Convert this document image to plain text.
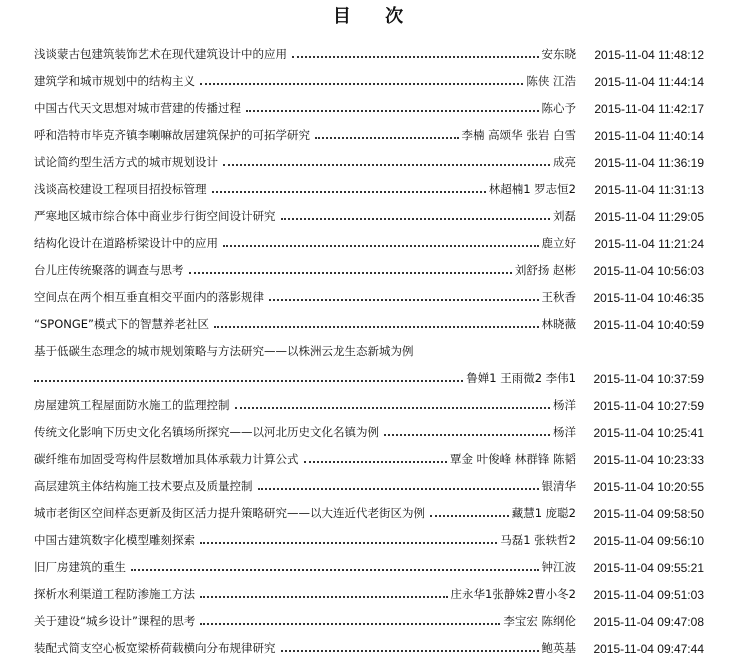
目 次
浅谈蒙古包建筑装饰艺术在现代建筑设计中的应用	安东晓	2015-11-04 11:48:12
建筑学和城市规划中的结构主义	陈侠 江浩	2015-11-04 11:44:14
中国古代天文思想对城市营建的传播过程	陈心予	2015-11-04 11:42:17
呼和浩特市毕克齐镇李喇嘛故居建筑保护的可拓学研究	李楠 高颂华 张岩 白雪	2015-11-04 11:40:14
试论简约型生活方式的城市规划设计	成亮	2015-11-04 11:36:19
浅谈高校建设工程项目招投标管理	林超楠1 罗志恒2	2015-11-04 11:31:13
严寒地区城市综合体中商业步行街空间设计研究	刘磊	2015-11-04 11:29:05
结构化设计在道路桥梁设计中的应用	鹿立好	2015-11-04 11:21:24
台儿庄传统聚落的调查与思考	刘舒扬 赵彬	2015-11-04 10:56:03
空间点在两个相互垂直相交平面内的落影规律	王秋香	2015-11-04 10:46:35
“SPONGE”模式下的智慧养老社区	林晓薇	2015-11-04 10:40:59
基于低碳生态理念的城市规划策略与方法研究——以株洲云龙生态新城为例
鲁婵1 王雨微2 李伟1	2015-11-04 10:37:59
房屋建筑工程屋面防水施工的监理控制	杨洋	2015-11-04 10:27:59
传统文化影响下历史文化名镇场所探究——以河北历史文化名镇为例	杨洋	2015-11-04 10:25:41
碳纤维布加固受弯构件层数增加具体承载力计算公式	覃金 叶俊峰 林群锋 陈韬	2015-11-04 10:23:33
高层建筑主体结构施工技术要点及质量控制	银清华	2015-11-04 10:20:55
城市老街区空间样态更新及街区活力提升策略研究——以大连近代老街区为例	藏慧1 庞聪2	2015-11-04 09:58:50
中国古建筑数字化模型雕刻探索	马磊1 张轶哲2	2015-11-04 09:56:10
旧厂房建筑的重生	钟江波	2015-11-04 09:55:21
探析水利渠道工程防渗施工方法	庄永华1张静姝2曹小冬2	2015-11-04 09:51:03
关于建设“城乡设计”课程的思考	李宝宏 陈纲伦	2015-11-04 09:47:08
装配式简支空心板宽梁桥荷载横向分布规律研究	鲍英基	2015-11-04 09:47:44
